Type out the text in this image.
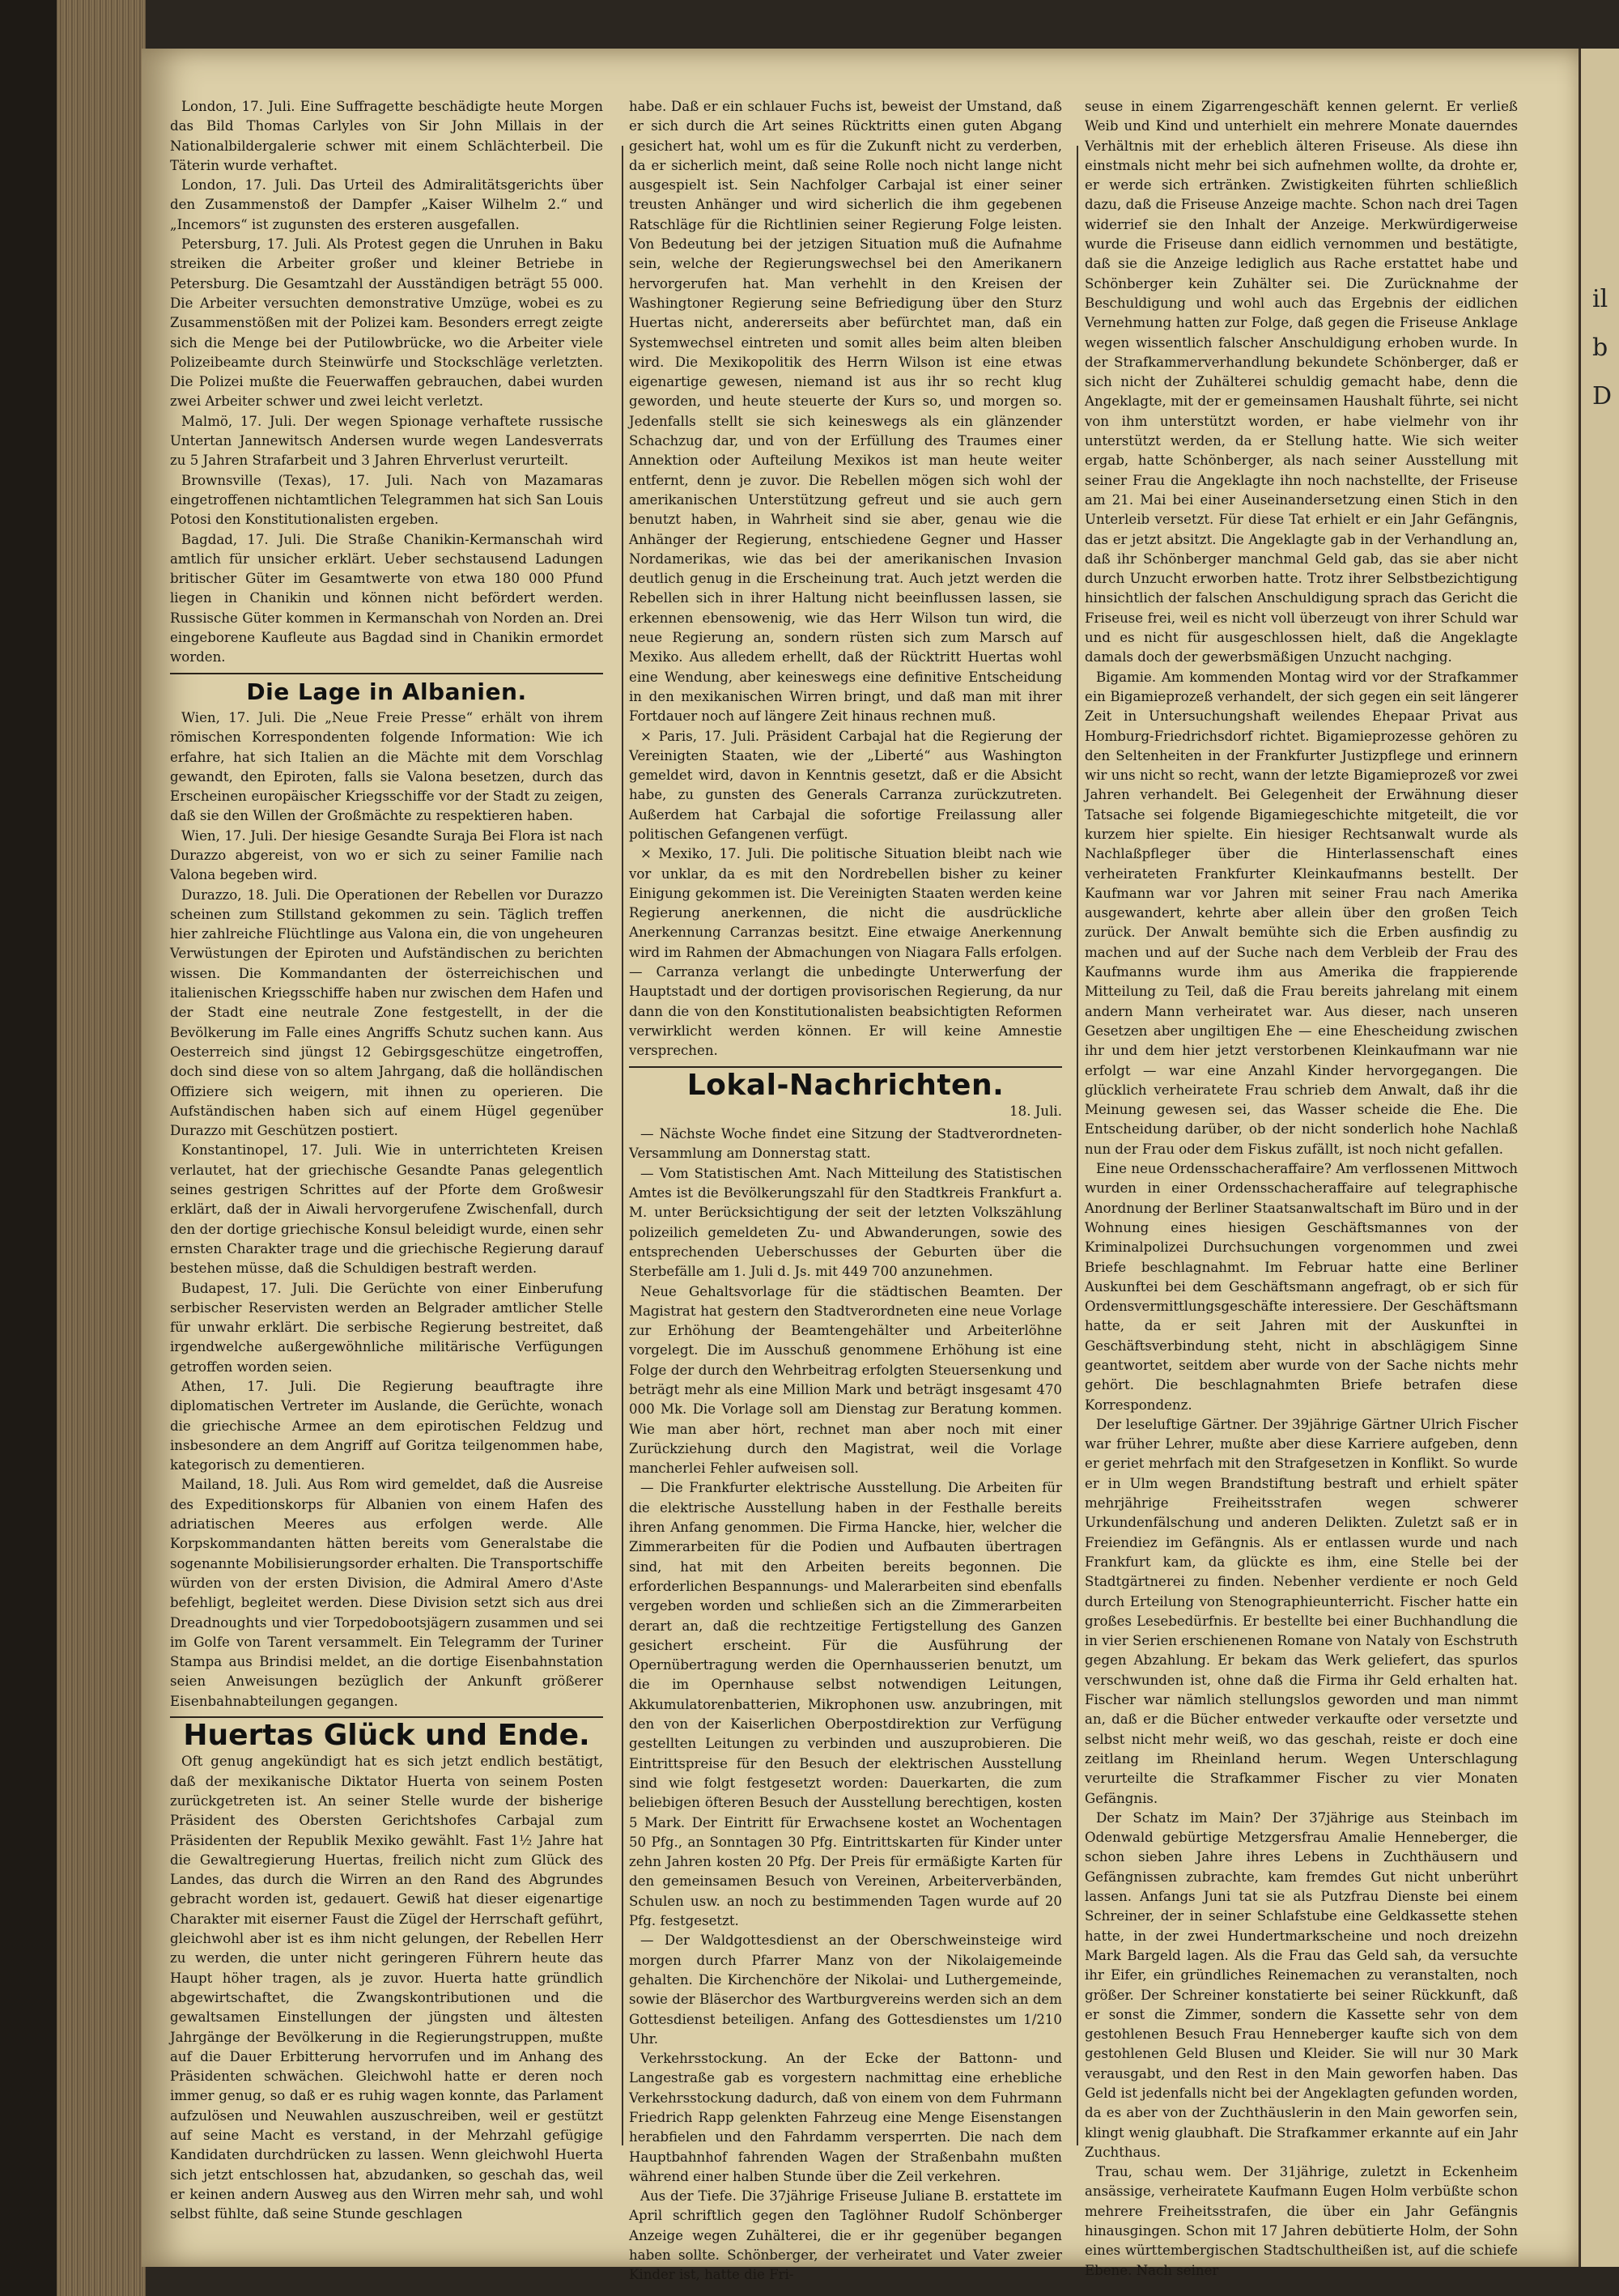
il
b
D

London, 17. Juli. Eine Suffragette beschädigte heute Morgen das Bild Thomas Carlyles von Sir John Millais in der Nationalbildergalerie schwer mit einem Schlächterbeil. Die Täterin wurde verhaftet.

London, 17. Juli. Das Urteil des Admiralitätsgerichts über den Zusammenstoß der Dampfer „Kaiser Wilhelm 2.“ und „Incemors“ ist zugunsten des ersteren ausgefallen.

Petersburg, 17. Juli. Als Protest gegen die Unruhen in Baku streiken die Arbeiter großer und kleiner Betriebe in Petersburg. Die Gesamtzahl der Ausständigen beträgt 55 000. Die Arbeiter versuchten demonstrative Umzüge, wobei es zu Zusammenstößen mit der Polizei kam. Besonders erregt zeigte sich die Menge bei der Putilowbrücke, wo die Arbeiter viele Polizeibeamte durch Steinwürfe und Stockschläge verletzten. Die Polizei mußte die Feuerwaffen gebrauchen, dabei wurden zwei Arbeiter schwer und zwei leicht verletzt.

Malmö, 17. Juli. Der wegen Spionage verhaftete russische Untertan Jannewitsch Andersen wurde wegen Landesverrats zu 5 Jahren Strafarbeit und 3 Jahren Ehrverlust verurteilt.

Brownsville (Texas), 17. Juli. Nach von Mazamaras eingetroffenen nichtamtlichen Telegrammen hat sich San Louis Potosi den Konstitutionalisten ergeben.

Bagdad, 17. Juli. Die Straße Chanikin-Kermanschah wird amtlich für unsicher erklärt. Ueber sechstausend Ladungen britischer Güter im Gesamtwerte von etwa 180 000 Pfund liegen in Chanikin und können nicht befördert werden. Russische Güter kommen in Kermanschah von Norden an. Drei eingeborene Kaufleute aus Bagdad sind in Chanikin ermordet worden.

Die Lage in Albanien.

Wien, 17. Juli. Die „Neue Freie Presse“ erhält von ihrem römischen Korrespondenten folgende Information: Wie ich erfahre, hat sich Italien an die Mächte mit dem Vorschlag gewandt, den Epiroten, falls sie Valona besetzen, durch das Erscheinen europäischer Kriegsschiffe vor der Stadt zu zeigen, daß sie den Willen der Großmächte zu respektieren haben.

Wien, 17. Juli. Der hiesige Gesandte Suraja Bei Flora ist nach Durazzo abgereist, von wo er sich zu seiner Familie nach Valona begeben wird.

Durazzo, 18. Juli. Die Operationen der Rebellen vor Durazzo scheinen zum Stillstand gekommen zu sein. Täglich treffen hier zahlreiche Flüchtlinge aus Valona ein, die von ungeheuren Verwüstungen der Epiroten und Aufständischen zu berichten wissen. Die Kommandanten der österreichischen und italienischen Kriegsschiffe haben nur zwischen dem Hafen und der Stadt eine neutrale Zone festgestellt, in der die Bevölkerung im Falle eines Angriffs Schutz suchen kann. Aus Oesterreich sind jüngst 12 Gebirgsgeschütze eingetroffen, doch sind diese von so altem Jahrgang, daß die holländischen Offiziere sich weigern, mit ihnen zu operieren. Die Aufständischen haben sich auf einem Hügel gegenüber Durazzo mit Geschützen postiert.

Konstantinopel, 17. Juli. Wie in unterrichteten Kreisen verlautet, hat der griechische Gesandte Panas gelegentlich seines gestrigen Schrittes auf der Pforte dem Großwesir erklärt, daß der in Aiwali hervorgerufene Zwischenfall, durch den der dortige griechische Konsul beleidigt wurde, einen sehr ernsten Charakter trage und die griechische Regierung darauf bestehen müsse, daß die Schuldigen bestraft werden.

Budapest, 17. Juli. Die Gerüchte von einer Einberufung serbischer Reservisten werden an Belgrader amtlicher Stelle für unwahr erklärt. Die serbische Regierung bestreitet, daß irgendwelche außergewöhnliche militärische Verfügungen getroffen worden seien.

Athen, 17. Juli. Die Regierung beauftragte ihre diplomatischen Vertreter im Auslande, die Gerüchte, wonach die griechische Armee an dem epirotischen Feldzug und insbesondere an dem Angriff auf Goritza teilgenommen habe, kategorisch zu dementieren.

Mailand, 18. Juli. Aus Rom wird gemeldet, daß die Ausreise des Expeditionskorps für Albanien von einem Hafen des adriatischen Meeres aus erfolgen werde. Alle Korpskommandanten hätten bereits vom Generalstabe die sogenannte Mobilisierungsorder erhalten. Die Transportschiffe würden von der ersten Division, die Admiral Amero d'Aste befehligt, begleitet werden. Diese Division setzt sich aus drei Dreadnoughts und vier Torpedobootsjägern zusammen und sei im Golfe von Tarent versammelt. Ein Telegramm der Turiner Stampa aus Brindisi meldet, an die dortige Eisenbahnstation seien Anweisungen bezüglich der Ankunft größerer Eisenbahnabteilungen gegangen.

Huertas Glück und Ende.

Oft genug angekündigt hat es sich jetzt endlich bestätigt, daß der mexikanische Diktator Huerta von seinem Posten zurückgetreten ist. An seiner Stelle wurde der bisherige Präsident des Obersten Gerichtshofes Carbajal zum Präsidenten der Republik Mexiko gewählt. Fast 1½ Jahre hat die Gewaltregierung Huertas, freilich nicht zum Glück des Landes, das durch die Wirren an den Rand des Abgrundes gebracht worden ist, gedauert. Gewiß hat dieser eigenartige Charakter mit eiserner Faust die Zügel der Herrschaft geführt, gleichwohl aber ist es ihm nicht gelungen, der Rebellen Herr zu werden, die unter nicht geringeren Führern heute das Haupt höher tragen, als je zuvor. Huerta hatte gründlich abgewirtschaftet, die Zwangskontributionen und die gewaltsamen Einstellungen der jüngsten und ältesten Jahrgänge der Bevölkerung in die Regierungstruppen, mußte auf die Dauer Erbitterung hervorrufen und im Anhang des Präsidenten schwächen. Gleichwohl hatte er deren noch immer genug, so daß er es ruhig wagen konnte, das Parlament aufzulösen und Neuwahlen auszuschreiben, weil er gestützt auf seine Macht es verstand, in der Mehrzahl gefügige Kandidaten durchdrücken zu lassen. Wenn gleichwohl Huerta sich jetzt entschlossen hat, abzudanken, so geschah das, weil er keinen andern Ausweg aus den Wirren mehr sah, und wohl selbst fühlte, daß seine Stunde geschlagen

habe. Daß er ein schlauer Fuchs ist, beweist der Umstand, daß er sich durch die Art seines Rücktritts einen guten Abgang gesichert hat, wohl um es für die Zukunft nicht zu verderben, da er sicherlich meint, daß seine Rolle noch nicht lange nicht ausgespielt ist. Sein Nachfolger Carbajal ist einer seiner treusten Anhänger und wird sicherlich die ihm gegebenen Ratschläge für die Richtlinien seiner Regierung Folge leisten. Von Bedeutung bei der jetzigen Situation muß die Aufnahme sein, welche der Regierungswechsel bei den Amerikanern hervorgerufen hat. Man verhehlt in den Kreisen der Washingtoner Regierung seine Befriedigung über den Sturz Huertas nicht, andererseits aber befürchtet man, daß ein Systemwechsel eintreten und somit alles beim alten bleiben wird. Die Mexikopolitik des Herrn Wilson ist eine etwas eigenartige gewesen, niemand ist aus ihr so recht klug geworden, und heute steuerte der Kurs so, und morgen so. Jedenfalls stellt sie sich keineswegs als ein glänzender Schachzug dar, und von der Erfüllung des Traumes einer Annektion oder Aufteilung Mexikos ist man heute weiter entfernt, denn je zuvor. Die Rebellen mögen sich wohl der amerikanischen Unterstützung gefreut und sie auch gern benutzt haben, in Wahrheit sind sie aber, genau wie die Anhänger der Regierung, entschiedene Gegner und Hasser Nordamerikas, wie das bei der amerikanischen Invasion deutlich genug in die Erscheinung trat. Auch jetzt werden die Rebellen sich in ihrer Haltung nicht beeinflussen lassen, sie erkennen ebensowenig, wie das Herr Wilson tun wird, die neue Regierung an, sondern rüsten sich zum Marsch auf Mexiko. Aus alledem erhellt, daß der Rücktritt Huertas wohl eine Wendung, aber keineswegs eine definitive Entscheidung in den mexikanischen Wirren bringt, und daß man mit ihrer Fortdauer noch auf längere Zeit hinaus rechnen muß.

× Paris, 17. Juli. Präsident Carbajal hat die Regierung der Vereinigten Staaten, wie der „Liberté“ aus Washington gemeldet wird, davon in Kenntnis gesetzt, daß er die Absicht habe, zu gunsten des Generals Carranza zurückzutreten. Außerdem hat Carbajal die sofortige Freilassung aller politischen Gefangenen verfügt.

× Mexiko, 17. Juli. Die politische Situation bleibt nach wie vor unklar, da es mit den Nordrebellen bisher zu keiner Einigung gekommen ist. Die Vereinigten Staaten werden keine Regierung anerkennen, die nicht die ausdrückliche Anerkennung Carranzas besitzt. Eine etwaige Anerkennung wird im Rahmen der Abmachungen von Niagara Falls erfolgen. — Carranza verlangt die unbedingte Unterwerfung der Hauptstadt und der dortigen provisorischen Regierung, da nur dann die von den Konstitutionalisten beabsichtigten Reformen verwirklicht werden können. Er will keine Amnestie versprechen.

Lokal-Nachrichten.
18. Juli.

— Nächste Woche findet eine Sitzung der Stadtverordneten-Versammlung am Donnerstag statt.

— Vom Statistischen Amt. Nach Mitteilung des Statistischen Amtes ist die Bevölkerungszahl für den Stadtkreis Frankfurt a. M. unter Berücksichtigung der seit der letzten Volkszählung polizeilich gemeldeten Zu- und Abwanderungen, sowie des entsprechenden Ueberschusses der Geburten über die Sterbefälle am 1. Juli d. Js. mit 449 700 anzunehmen.

Neue Gehaltsvorlage für die städtischen Beamten. Der Magistrat hat gestern den Stadtverordneten eine neue Vorlage zur Erhöhung der Beamtengehälter und Arbeiterlöhne vorgelegt. Die im Ausschuß genommene Erhöhung ist eine Folge der durch den Wehrbeitrag erfolgten Steuersenkung und beträgt mehr als eine Million Mark und beträgt insgesamt 470 000 Mk. Die Vorlage soll am Dienstag zur Beratung kommen. Wie man aber hört, rechnet man aber noch mit einer Zurückziehung durch den Magistrat, weil die Vorlage mancherlei Fehler aufweisen soll.

— Die Frankfurter elektrische Ausstellung. Die Arbeiten für die elektrische Ausstellung haben in der Festhalle bereits ihren Anfang genommen. Die Firma Hancke, hier, welcher die Zimmerarbeiten für die Podien und Aufbauten übertragen sind, hat mit den Arbeiten bereits begonnen. Die erforderlichen Bespannungs- und Malerarbeiten sind ebenfalls vergeben worden und schließen sich an die Zimmerarbeiten derart an, daß die rechtzeitige Fertigstellung des Ganzen gesichert erscheint. Für die Ausführung der Opernübertragung werden die Opernhausserien benutzt, um die im Opernhause selbst notwendigen Leitungen, Akkumulatorenbatterien, Mikrophonen usw. anzubringen, mit den von der Kaiserlichen Oberpostdirektion zur Verfügung gestellten Leitungen zu verbinden und auszuprobieren. Die Eintrittspreise für den Besuch der elektrischen Ausstellung sind wie folgt festgesetzt worden: Dauerkarten, die zum beliebigen öfteren Besuch der Ausstellung berechtigen, kosten 5 Mark. Der Eintritt für Erwachsene kostet an Wochentagen 50 Pfg., an Sonntagen 30 Pfg. Eintrittskarten für Kinder unter zehn Jahren kosten 20 Pfg. Der Preis für ermäßigte Karten für den gemeinsamen Besuch von Vereinen, Arbeiterverbänden, Schulen usw. an noch zu bestimmenden Tagen wurde auf 20 Pfg. festgesetzt.

— Der Waldgottesdienst an der Oberschweinsteige wird morgen durch Pfarrer Manz von der Nikolaigemeinde gehalten. Die Kirchenchöre der Nikolai- und Luthergemeinde, sowie der Bläserchor des Wartburgvereins werden sich an dem Gottesdienst beteiligen. Anfang des Gottesdienstes um 1/210 Uhr.

Verkehrsstockung. An der Ecke der Battonn- und Langestraße gab es vorgestern nachmittag eine erhebliche Verkehrsstockung dadurch, daß von einem von dem Fuhrmann Friedrich Rapp gelenkten Fahrzeug eine Menge Eisenstangen herabfielen und den Fahrdamm versperrten. Die nach dem Hauptbahnhof fahrenden Wagen der Straßenbahn mußten während einer halben Stunde über die Zeil verkehren.

Aus der Tiefe. Die 37jährige Friseuse Juliane B. erstattete im April schriftlich gegen den Taglöhner Rudolf Schönberger Anzeige wegen Zuhälterei, die er ihr gegenüber begangen haben sollte. Schönberger, der verheiratet und Vater zweier Kinder ist, hatte die Fri-

seuse in einem Zigarrengeschäft kennen gelernt. Er verließ Weib und Kind und unterhielt ein mehrere Monate dauerndes Verhältnis mit der erheblich älteren Friseuse. Als diese ihn einstmals nicht mehr bei sich aufnehmen wollte, da drohte er, er werde sich ertränken. Zwistigkeiten führten schließlich dazu, daß die Friseuse Anzeige machte. Schon nach drei Tagen widerrief sie den Inhalt der Anzeige. Merkwürdigerweise wurde die Friseuse dann eidlich vernommen und bestätigte, daß sie die Anzeige lediglich aus Rache erstattet habe und Schönberger kein Zuhälter sei. Die Zurücknahme der Beschuldigung und wohl auch das Ergebnis der eidlichen Vernehmung hatten zur Folge, daß gegen die Friseuse Anklage wegen wissentlich falscher Anschuldigung erhoben wurde. In der Strafkammerverhandlung bekundete Schönberger, daß er sich nicht der Zuhälterei schuldig gemacht habe, denn die Angeklagte, mit der er gemeinsamen Haushalt führte, sei nicht von ihm unterstützt worden, er habe vielmehr von ihr unterstützt werden, da er Stellung hatte. Wie sich weiter ergab, hatte Schönberger, als nach seiner Ausstellung mit seiner Frau die Angeklagte ihn noch nachstellte, der Friseuse am 21. Mai bei einer Auseinandersetzung einen Stich in den Unterleib versetzt. Für diese Tat erhielt er ein Jahr Gefängnis, das er jetzt absitzt. Die Angeklagte gab in der Verhandlung an, daß ihr Schönberger manchmal Geld gab, das sie aber nicht durch Unzucht erworben hatte. Trotz ihrer Selbstbezichtigung hinsichtlich der falschen Anschuldigung sprach das Gericht die Friseuse frei, weil es nicht voll überzeugt von ihrer Schuld war und es nicht für ausgeschlossen hielt, daß die Angeklagte damals doch der gewerbsmäßigen Unzucht nachging.

Bigamie. Am kommenden Montag wird vor der Strafkammer ein Bigamieprozeß verhandelt, der sich gegen ein seit längerer Zeit in Untersuchungshaft weilendes Ehepaar Privat aus Homburg-Friedrichsdorf richtet. Bigamieprozesse gehören zu den Seltenheiten in der Frankfurter Justizpflege und erinnern wir uns nicht so recht, wann der letzte Bigamieprozeß vor zwei Jahren verhandelt. Bei Gelegenheit der Erwähnung dieser Tatsache sei folgende Bigamiegeschichte mitgeteilt, die vor kurzem hier spielte. Ein hiesiger Rechtsanwalt wurde als Nachlaßpfleger über die Hinterlassenschaft eines verheirateten Frankfurter Kleinkaufmanns bestellt. Der Kaufmann war vor Jahren mit seiner Frau nach Amerika ausgewandert, kehrte aber allein über den großen Teich zurück. Der Anwalt bemühte sich die Erben ausfindig zu machen und auf der Suche nach dem Verbleib der Frau des Kaufmanns wurde ihm aus Amerika die frappierende Mitteilung zu Teil, daß die Frau bereits jahrelang mit einem andern Mann verheiratet war. Aus dieser, nach unseren Gesetzen aber ungiltigen Ehe — eine Ehescheidung zwischen ihr und dem hier jetzt verstorbenen Kleinkaufmann war nie erfolgt — war eine Anzahl Kinder hervorgegangen. Die glücklich verheiratete Frau schrieb dem Anwalt, daß ihr die Meinung gewesen sei, das Wasser scheide die Ehe. Die Entscheidung darüber, ob der nicht sonderlich hohe Nachlaß nun der Frau oder dem Fiskus zufällt, ist noch nicht gefallen.

Eine neue Ordensschacheraffaire? Am verflossenen Mittwoch wurden in einer Ordensschacheraffaire auf telegraphische Anordnung der Berliner Staatsanwaltschaft im Büro und in der Wohnung eines hiesigen Geschäftsmannes von der Kriminalpolizei Durchsuchungen vorgenommen und zwei Briefe beschlagnahmt. Im Februar hatte eine Berliner Auskunftei bei dem Geschäftsmann angefragt, ob er sich für Ordensvermittlungsgeschäfte interessiere. Der Geschäftsmann hatte, da er seit Jahren mit der Auskunftei in Geschäftsverbindung steht, nicht in abschlägigem Sinne geantwortet, seitdem aber wurde von der Sache nichts mehr gehört. Die beschlagnahmten Briefe betrafen diese Korrespondenz.

Der leseluftige Gärtner. Der 39jährige Gärtner Ulrich Fischer war früher Lehrer, mußte aber diese Karriere aufgeben, denn er geriet mehrfach mit den Strafgesetzen in Konflikt. So wurde er in Ulm wegen Brandstiftung bestraft und erhielt später mehrjährige Freiheitsstrafen wegen schwerer Urkundenfälschung und anderen Delikten. Zuletzt saß er in Freiendiez im Gefängnis. Als er entlassen wurde und nach Frankfurt kam, da glückte es ihm, eine Stelle bei der Stadtgärtnerei zu finden. Nebenher verdiente er noch Geld durch Erteilung von Stenographieunterricht. Fischer hatte ein großes Lesebedürfnis. Er bestellte bei einer Buchhandlung die in vier Serien erschienenen Romane von Nataly von Eschstruth gegen Abzahlung. Er bekam das Werk geliefert, das spurlos verschwunden ist, ohne daß die Firma ihr Geld erhalten hat. Fischer war nämlich stellungslos geworden und man nimmt an, daß er die Bücher entweder verkaufte oder versetzte und selbst nicht mehr weiß, wo das geschah, reiste er doch eine zeitlang im Rheinland herum. Wegen Unterschlagung verurteilte die Strafkammer Fischer zu vier Monaten Gefängnis.

Der Schatz im Main? Der 37jährige aus Steinbach im Odenwald gebürtige Metzgersfrau Amalie Henneberger, die schon sieben Jahre ihres Lebens in Zuchthäusern und Gefängnissen zubrachte, kam fremdes Gut nicht unberührt lassen. Anfangs Juni tat sie als Putzfrau Dienste bei einem Schreiner, der in seiner Schlafstube eine Geldkassette stehen hatte, in der zwei Hundertmarkscheine und noch dreizehn Mark Bargeld lagen. Als die Frau das Geld sah, da versuchte ihr Eifer, ein gründliches Reinemachen zu veranstalten, noch größer. Der Schreiner konstatierte bei seiner Rückkunft, daß er sonst die Zimmer, sondern die Kassette sehr von dem gestohlenen Besuch Frau Henneberger kaufte sich von dem gestohlenen Geld Blusen und Kleider. Sie will nur 30 Mark verausgabt, und den Rest in den Main geworfen haben. Das Geld ist jedenfalls nicht bei der Angeklagten gefunden worden, da es aber von der Zuchthäuslerin in den Main geworfen sein, klingt wenig glaubhaft. Die Strafkammer erkannte auf ein Jahr Zuchthaus.

Trau, schau wem. Der 31jährige, zuletzt in Eckenheim ansässige, verheiratete Kaufmann Eugen Holm verbüßte schon mehrere Freiheitsstrafen, die über ein Jahr Gefängnis hinausgingen. Schon mit 17 Jahren debütierte Holm, der Sohn eines württembergischen Stadtschultheißen ist, auf die schiefe Ebene. Nach seiner
